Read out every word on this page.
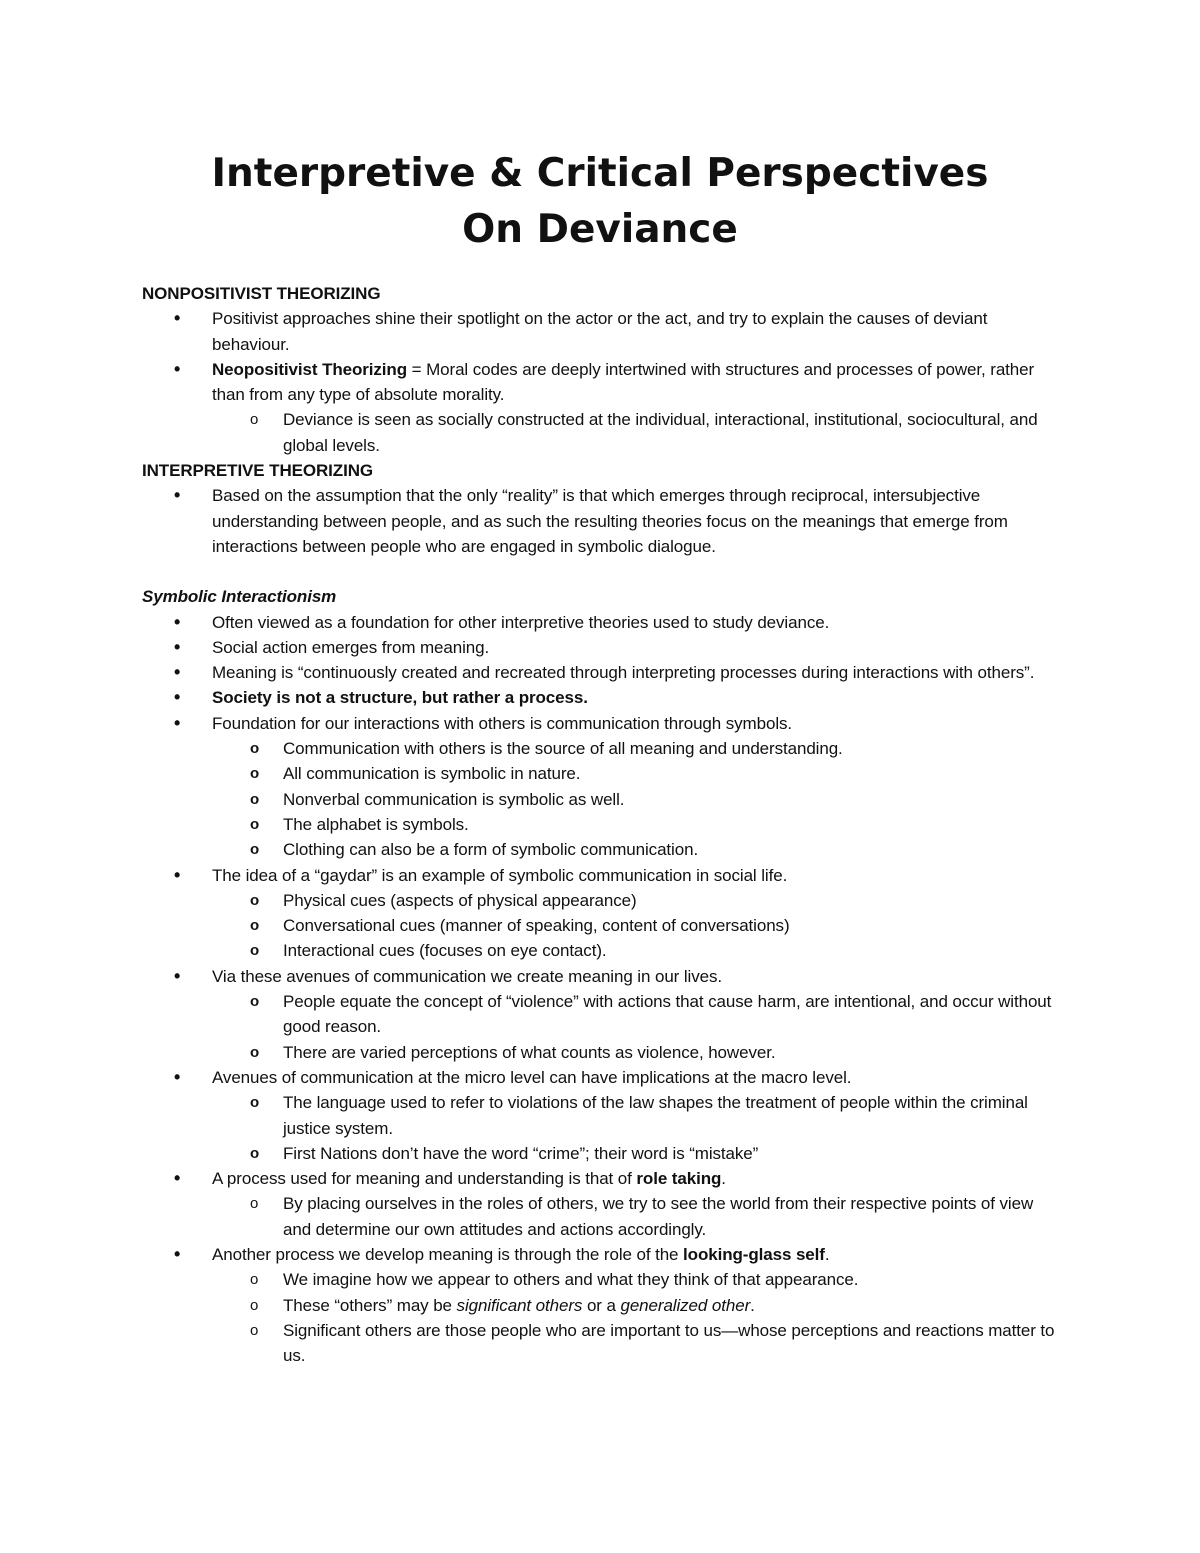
Interpretive & Critical Perspectives On Deviance

NONPOSITIVIST THEORIZING

• Positivist approaches shine their spotlight on the actor or the act, and try to explain the causes of deviant behaviour.
• Neopositivist Theorizing = Moral codes are deeply intertwined with structures and processes of power, rather than from any type of absolute morality.
o Deviance is seen as socially constructed at the individual, interactional, institutional, sociocultural, and global levels.

INTERPRETIVE THEORIZING

• Based on the assumption that the only “reality” is that which emerges through reciprocal, intersubjective understanding between people, and as such the resulting theories focus on the meanings that emerge from interactions between people who are engaged in symbolic dialogue.

Symbolic Interactionism

• Often viewed as a foundation for other interpretive theories used to study deviance.
• Social action emerges from meaning.
• Meaning is “continuously created and recreated through interpreting processes during interactions with others”.
• Society is not a structure, but rather a process.
• Foundation for our interactions with others is communication through symbols.
o Communication with others is the source of all meaning and understanding.
o All communication is symbolic in nature.
o Nonverbal communication is symbolic as well.
o The alphabet is symbols.
o Clothing can also be a form of symbolic communication.
• The idea of a “gaydar” is an example of symbolic communication in social life.
o Physical cues (aspects of physical appearance)
o Conversational cues (manner of speaking, content of conversations)
o Interactional cues (focuses on eye contact).
• Via these avenues of communication we create meaning in our lives.
o People equate the concept of “violence” with actions that cause harm, are intentional, and occur without good reason.
o There are varied perceptions of what counts as violence, however.
• Avenues of communication at the micro level can have implications at the macro level.
o The language used to refer to violations of the law shapes the treatment of people within the criminal justice system.
o First Nations don’t have the word “crime”; their word is “mistake”
• A process used for meaning and understanding is that of role taking.
o By placing ourselves in the roles of others, we try to see the world from their respective points of view and determine our own attitudes and actions accordingly.
• Another process we develop meaning is through the role of the looking-glass self.
o We imagine how we appear to others and what they think of that appearance.
o These “others” may be significant others or a generalized other.
o Significant others are those people who are important to us—whose perceptions and reactions matter to us.
